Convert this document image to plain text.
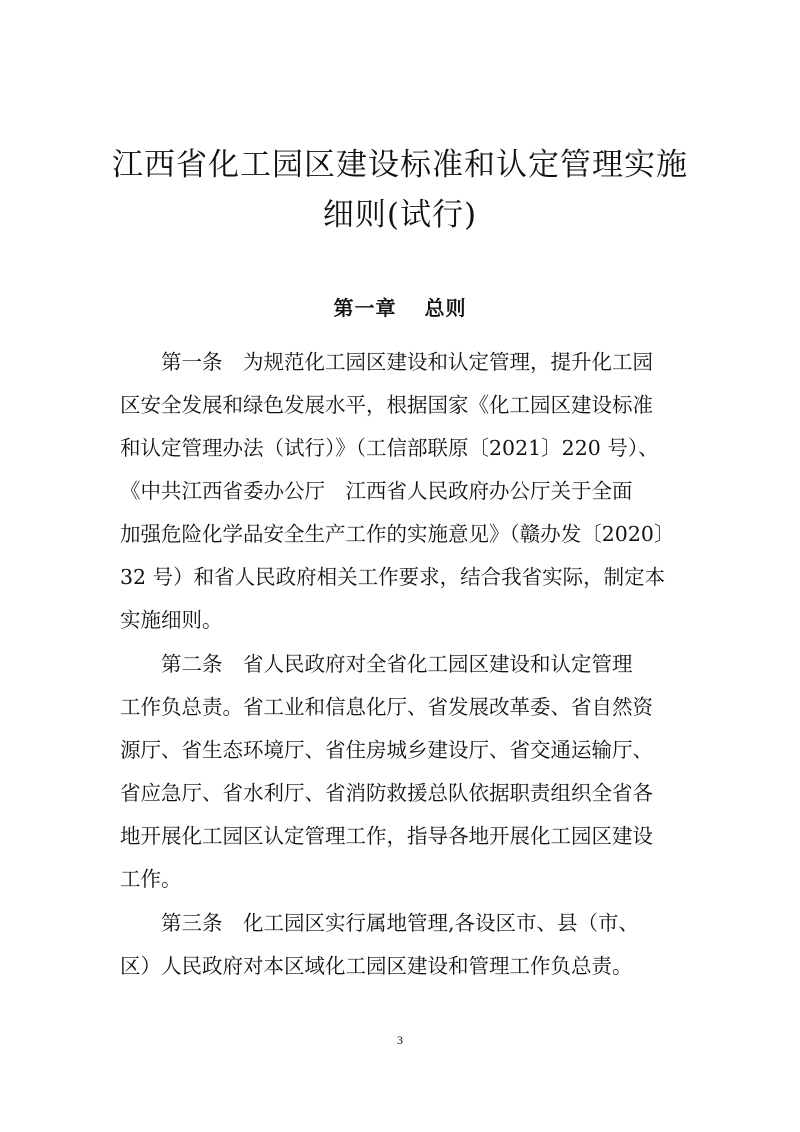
江西省化工园区建设标准和认定管理实施
细则(试行)
第一章 总则
第一条　为规范化工园区建设和认定管理，提升化工园
区安全发展和绿色发展水平，根据国家《化工园区建设标准
和认定管理办法（试行）》（工信部联原〔2021〕220 号）、
《中共江西省委办公厅　江西省人民政府办公厅关于全面
加强危险化学品安全生产工作的实施意见》（赣办发〔2020〕
32 号）和省人民政府相关工作要求，结合我省实际，制定本
实施细则。
第二条　省人民政府对全省化工园区建设和认定管理
工作负总责。省工业和信息化厅、省发展改革委、省自然资
源厅、省生态环境厅、省住房城乡建设厅、省交通运输厅、
省应急厅、省水利厅、省消防救援总队依据职责组织全省各
地开展化工园区认定管理工作，指导各地开展化工园区建设
工作。
第三条　化工园区实行属地管理,各设区市、县（市、
区）人民政府对本区域化工园区建设和管理工作负总责。
3
